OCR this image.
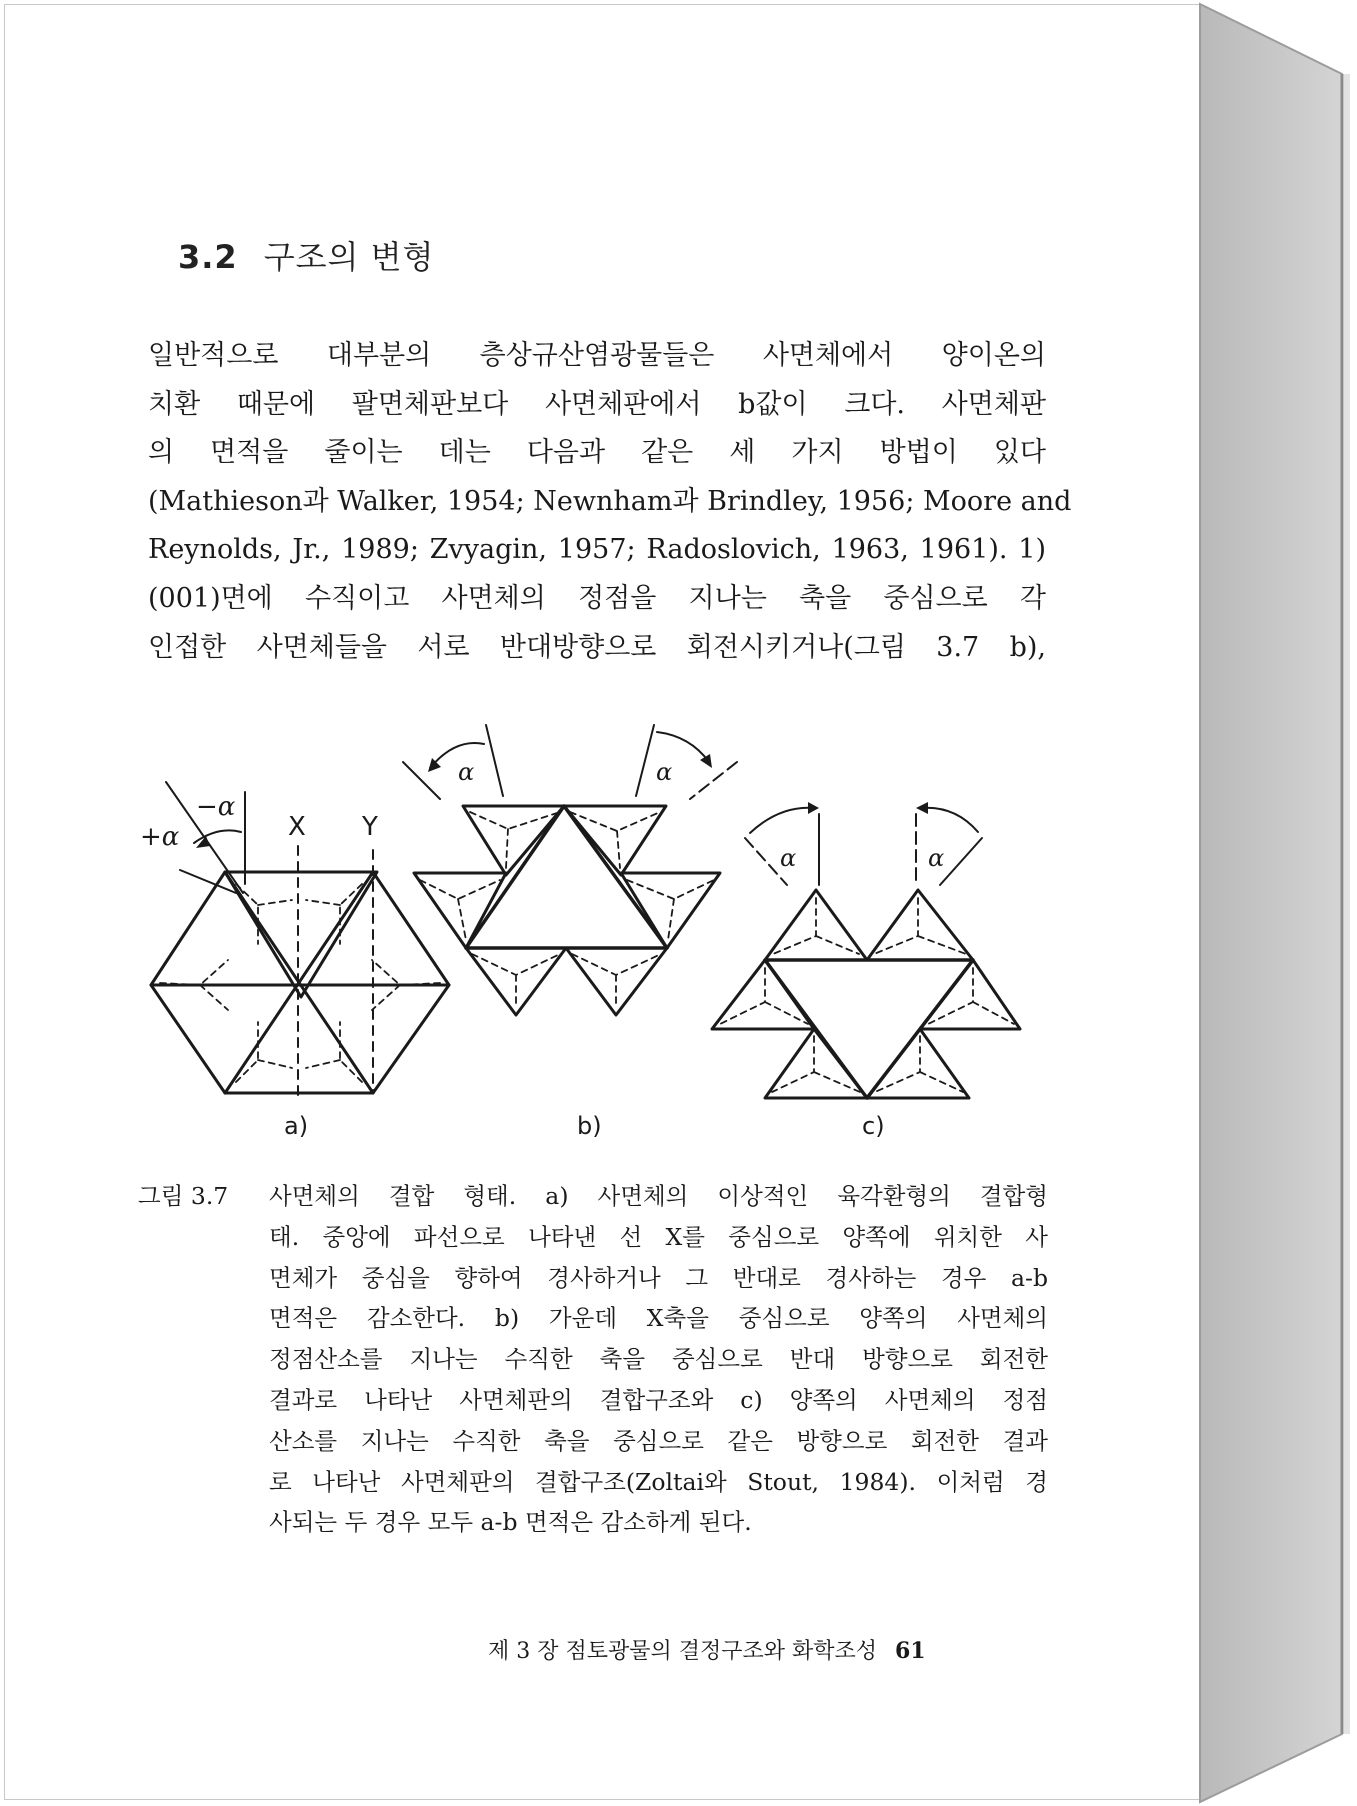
3.2 구조의 변형
일반적으로 대부분의 층상규산염광물들은 사면체에서 양이온의
치환 때문에 팔면체판보다 사면체판에서 b값이 크다. 사면체판
의 면적을 줄이는 데는 다음과 같은 세 가지 방법이 있다
(Mathieson과 Walker, 1954; Newnham과 Brindley, 1956; Moore and
Reynolds, Jr., 1989; Zvyagin, 1957; Radoslovich, 1963, 1961). 1)
(001)면에 수직이고 사면체의 정점을 지나는 축을 중심으로 각
인접한 사면체들을 서로 반대방향으로 회전시키거나(그림 3.7 b),
X Y
+α
−α
α	α
α	α
a)	b)	c)
그림 3.7 사면체의 결합 형태. a) 사면체의 이상적인 육각환형의 결합형
태. 중앙에 파선으로 나타낸 선 X를 중심으로 양쪽에 위치한 사
면체가 중심을 향하여 경사하거나 그 반대로 경사하는 경우 a-b
면적은 감소한다. b) 가운데 X축을 중심으로 양쪽의 사면체의
정점산소를 지나는 수직한 축을 중심으로 반대 방향으로 회전한
결과로 나타난 사면체판의 결합구조와 c) 양쪽의 사면체의 정점
산소를 지나는 수직한 축을 중심으로 같은 방향으로 회전한 결과
로 나타난 사면체판의 결합구조(Zoltai와 Stout, 1984). 이처럼 경
사되는 두 경우 모두 a-b 면적은 감소하게 된다.
제 3 장 점토광물의 결정구조와 화학조성 61
